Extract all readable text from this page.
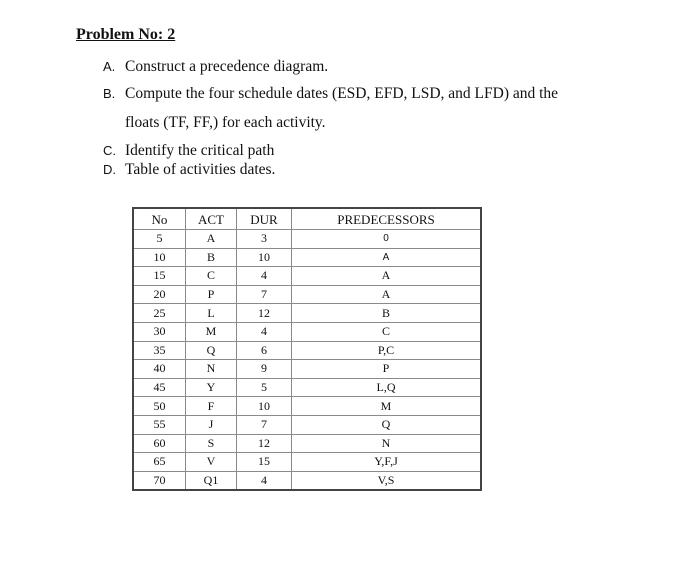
Problem No: 2
A. Construct a precedence diagram.
B. Compute the four schedule dates (ESD, EFD, LSD, and LFD) and the
floats (TF, FF,) for each activity.
C. Identify the critical path
D. Table of activities dates.
No	ACT	DUR	PREDECESSORS
5	A	3	0
10	B	10	A
15	C	4	A
20	P	7	A
25	L	12	B
30	M	4	C
35	Q	6	P,C
40	N	9	P
45	Y	5	L,Q
50	F	10	M
55	J	7	Q
60	S	12	N
65	V	15	Y,F,J
70	Q1	4	V,S
